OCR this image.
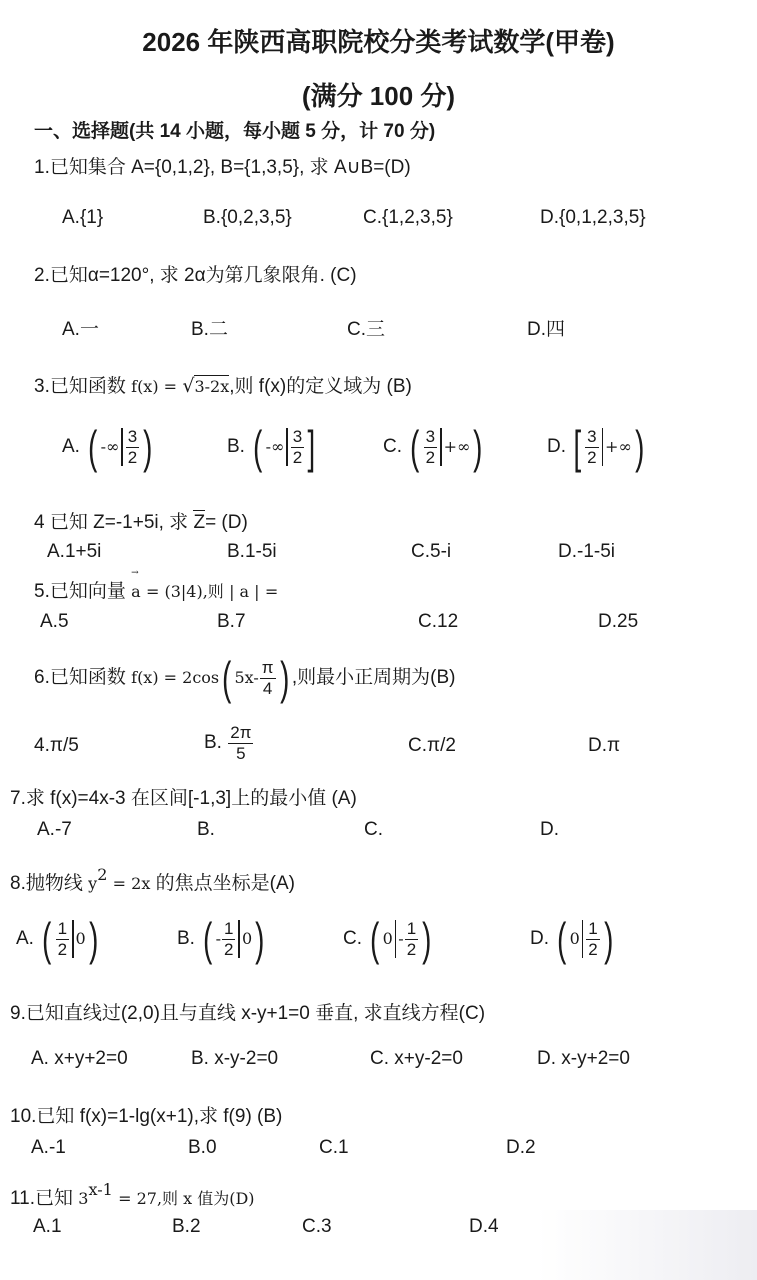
2026 年陕西高职院校分类考试数学(甲卷)
(满分 100 分)
一、选择题(共 14 小题，每小题 5 分，计 70 分)
1.已知集合 A={0,1,2}, B={1,3,5}, 求 A∪B=(D)
A.{1}	B.{0,2,3,5}	C.{1,2,3,5}	D.{0,1,2,3,5}
2.已知α=120°, 求 2α为第几象限角. (C)
A.一	B.二	C.三	D.四
3.已知函数 f(x) = √3-2x,则 f(x)的定义域为 (B)
A. ( -∞ $\frac{3}{2}$ )	B. ( -∞ $\frac{3}{2}$ ]	C. ( $\frac{3}{2}$ +∞)	D. [ $\frac{3}{2}$ +∞)
4 已知 Z=-1+5i, 求 Z= (D)
A.1+5i	B.1-5i	C.5-i	D.-1-5i
5.已知向量 → a = (3|4),则 | a | =
A.5	B.7	C.12	D.25
6.已知函数 f(x) = 2cos( $5x- \frac{\pi}{4}$ ) ,则最小正周期为(B)
4.π/5	B. $\frac{2\pi}{5}$	C.π/2	D.π
7.求 f(x)=4x-3 在区间[-1,3]上的最小值 (A)
A.-7	B.	C.	D.
8.抛物线 $y^2 = 2x$ 的焦点坐标是(A)
A. ( $\frac{1}{2} 0$)	B. ( - $\frac{1}{2} 0$)	C. ( $0 - \frac{1}{2}$ )	D. ( $0 \frac{1}{2}$ )
9.已知直线过(2,0)且与直线 x-y+1=0 垂直, 求直线方程(C)
A. x+y+2=0	B. x-y-2=0	C. x+y-2=0	D. x-y+2=0
10.已知 f(x)=1-lg(x+1),求 f(9) (B)
A.-1	B.0	C.1	D.2
11.已知 $3^{x-1} = 27$,则 x 值为(D)
A.1	B.2	C.3	D.4
